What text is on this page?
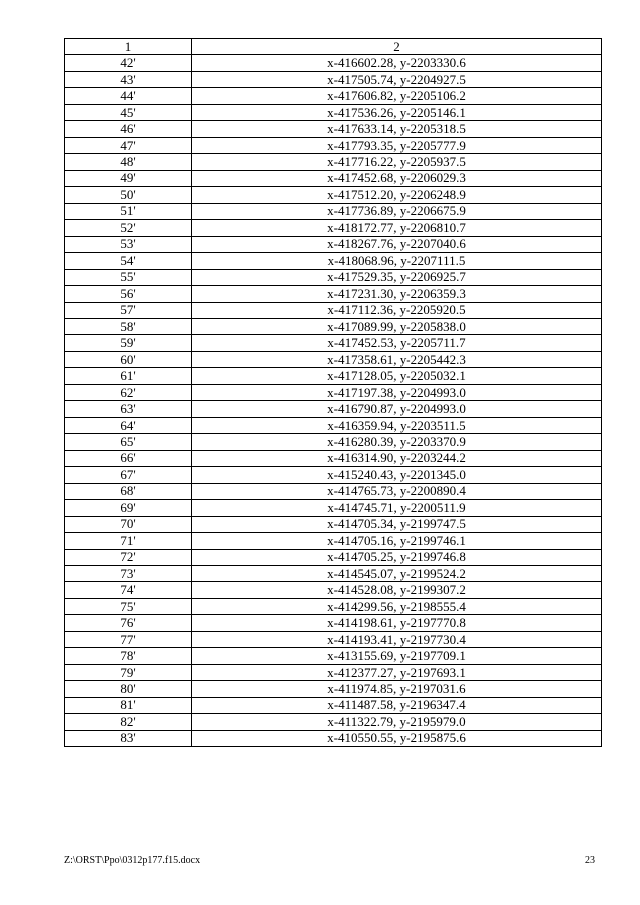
1	2
42'	x-416602.28, y-2203330.6
43'	x-417505.74, y-2204927.5
44'	x-417606.82, y-2205106.2
45'	x-417536.26, y-2205146.1
46'	x-417633.14, y-2205318.5
47'	x-417793.35, y-2205777.9
48'	x-417716.22, y-2205937.5
49'	x-417452.68, y-2206029.3
50'	x-417512.20, y-2206248.9
51'	x-417736.89, y-2206675.9
52'	x-418172.77, y-2206810.7
53'	x-418267.76, y-2207040.6
54'	x-418068.96, y-2207111.5
55'	x-417529.35, y-2206925.7
56'	x-417231.30, y-2206359.3
57'	x-417112.36, y-2205920.5
58'	x-417089.99, y-2205838.0
59'	x-417452.53, y-2205711.7
60'	x-417358.61, y-2205442.3
61'	x-417128.05, y-2205032.1
62'	x-417197.38, y-2204993.0
63'	x-416790.87, y-2204993.0
64'	x-416359.94, y-2203511.5
65'	x-416280.39, y-2203370.9
66'	x-416314.90, y-2203244.2
67'	x-415240.43, y-2201345.0
68'	x-414765.73, y-2200890.4
69'	x-414745.71, y-2200511.9
70'	x-414705.34, y-2199747.5
71'	x-414705.16, y-2199746.1
72'	x-414705.25, y-2199746.8
73'	x-414545.07, y-2199524.2
74'	x-414528.08, y-2199307.2
75'	x-414299.56, y-2198555.4
76'	x-414198.61, y-2197770.8
77'	x-414193.41, y-2197730.4
78'	x-413155.69, y-2197709.1
79'	x-412377.27, y-2197693.1
80'	x-411974.85, y-2197031.6
81'	x-411487.58, y-2196347.4
82'	x-411322.79, y-2195979.0
83'	x-410550.55, y-2195875.6
Z:\ORST\Ppo\0312p177.f15.docx	23
